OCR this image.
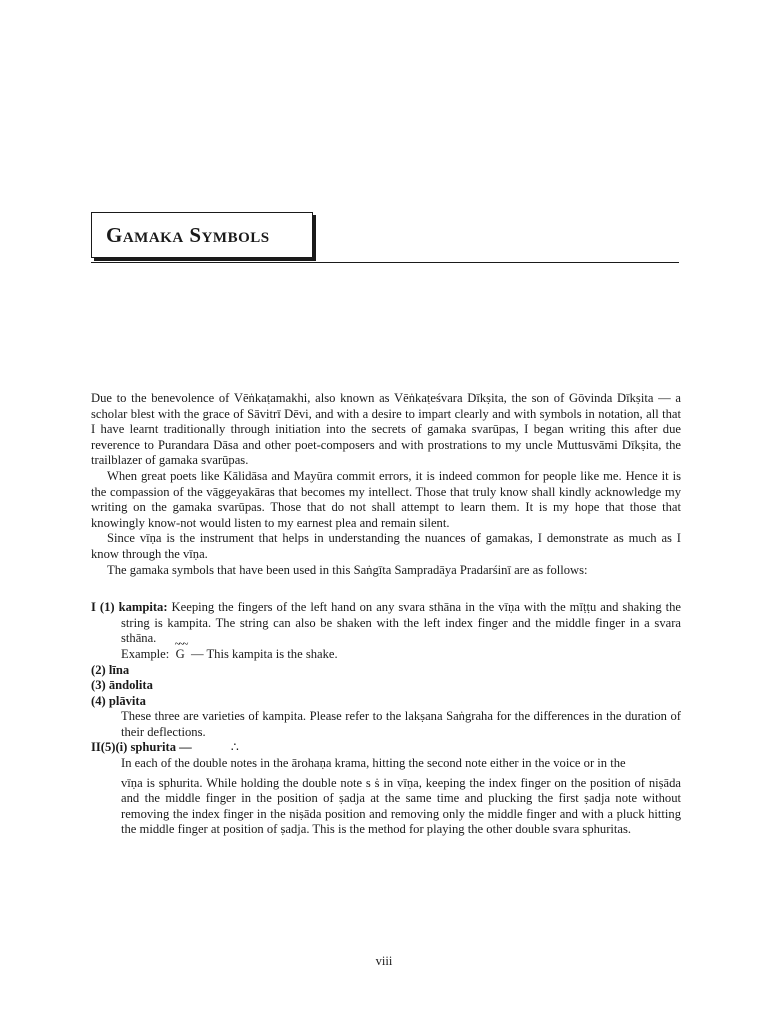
Gamaka Symbols

Due to the benevolence of Vēṅkaṭamakhi, also known as Vēṅkaṭeśvara Dīkṣita, the son of Gōvinda Dīkṣita — a scholar blest with the grace of Sāvitrī Dēvi, and with a desire to impart clearly and with symbols in notation, all that I have learnt traditionally through initiation into the secrets of gamaka svarūpas, I began writing this after due reverence to Purandara Dāsa and other poet-composers and with prostrations to my uncle Muttusvāmi Dīkṣita, the trailblazer of gamaka svarūpas.

When great poets like Kālidāsa and Mayūra commit errors, it is indeed common for people like me. Hence it is the compassion of the vāggeyakāras that becomes my intellect. Those that truly know shall kindly acknowledge my writing on the gamaka svarūpas. Those that do not shall attempt to learn them. It is my hope that those that knowingly know-not would listen to my earnest plea and remain silent.

Since vīṇa is the instrument that helps in understanding the nuances of gamakas, I demonstrate as much as I know through the vīṇa.

The gamaka symbols that have been used in this Saṅgīta Sampradāya Pradarśinī are as follows:

I (1) kampita: Keeping the fingers of the left hand on any svara sthāna in the vīṇa with the mīṭṭu and shaking the string is kampita. The string can also be shaken with the left index finger and the middle finger in a svara sthāna.

Example:
~~~
G — This kampita is the shake.

(2) līna

(3) āndolita

(4) plāvita

These three are varieties of kampita. Please refer to the lakṣana Saṅgraha for the differences in the duration of their deflections.

II(5)(i) sphurita —	∴

In each of the double notes in the ārohaṇa krama, hitting the second note either in the voice or in the

vīṇa is sphurita. While holding the double note s ṡ in vīṇa, keeping the index finger on the position of niṣāda and the middle finger in the position of ṣadja at the same time and plucking the first ṣadja note without removing the index finger in the niṣāda position and removing only the middle finger and with a pluck hitting the middle finger at position of ṣadja. This is the method for playing the other double svara sphuritas.

viii
